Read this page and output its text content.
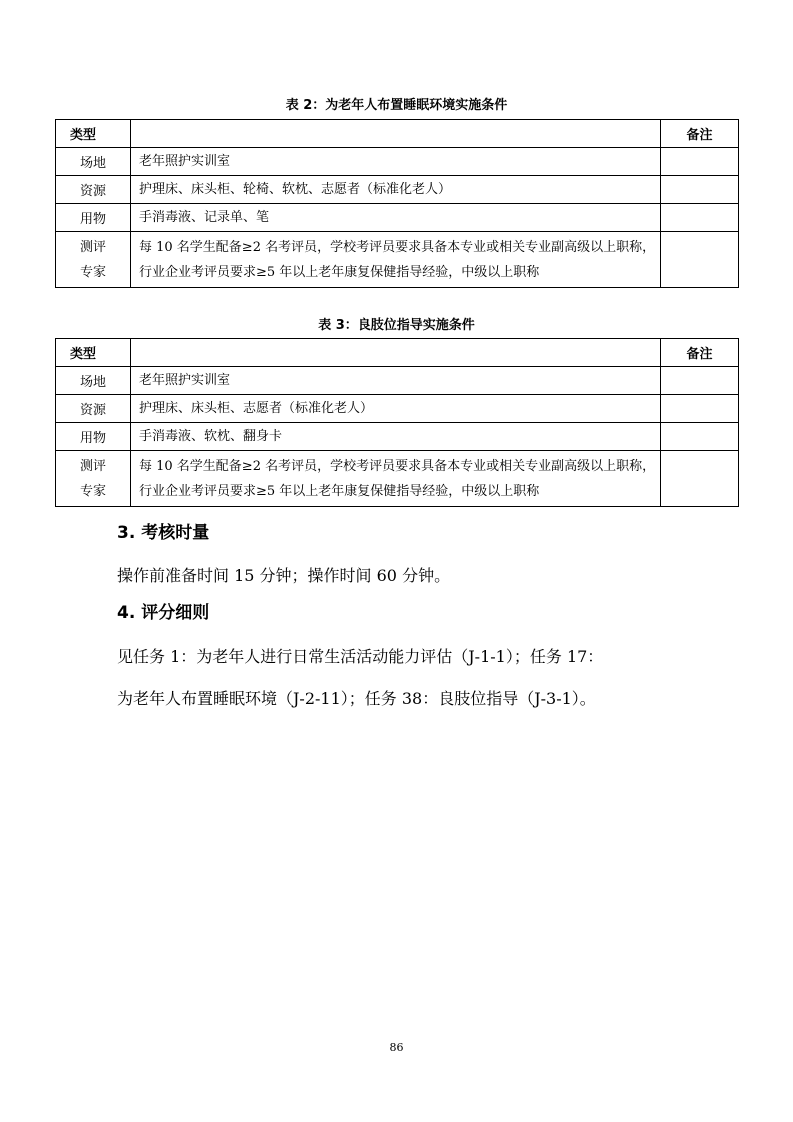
表 2：为老年人布置睡眠环境实施条件
类型		备注
场地	老年照护实训室	
资源	护理床、床头柜、轮椅、软枕、志愿者（标准化老人）	
用物	手消毒液、记录单、笔	

测评
专家	每 10 名学生配备≥2 名考评员，学校考评员要求具备本专业或相关专业副高级以上职称，行业企业考评员要求≥5 年以上老年康复保健指导经验，中级以上职称	
表 3：良肢位指导实施条件
类型		备注
场地	老年照护实训室	
资源	护理床、床头柜、志愿者（标准化老人）	
用物	手消毒液、软枕、翻身卡	

测评
专家	每 10 名学生配备≥2 名考评员，学校考评员要求具备本专业或相关专业副高级以上职称，行业企业考评员要求≥5 年以上老年康复保健指导经验，中级以上职称	
3. 考核时量
操作前准备时间 15 分钟；操作时间 60 分钟。
4. 评分细则
见任务 1：为老年人进行日常生活活动能力评估（J-1-1）；任务 17：
为老年人布置睡眠环境（J-2-11）；任务 38：良肢位指导（J-3-1）。
86
